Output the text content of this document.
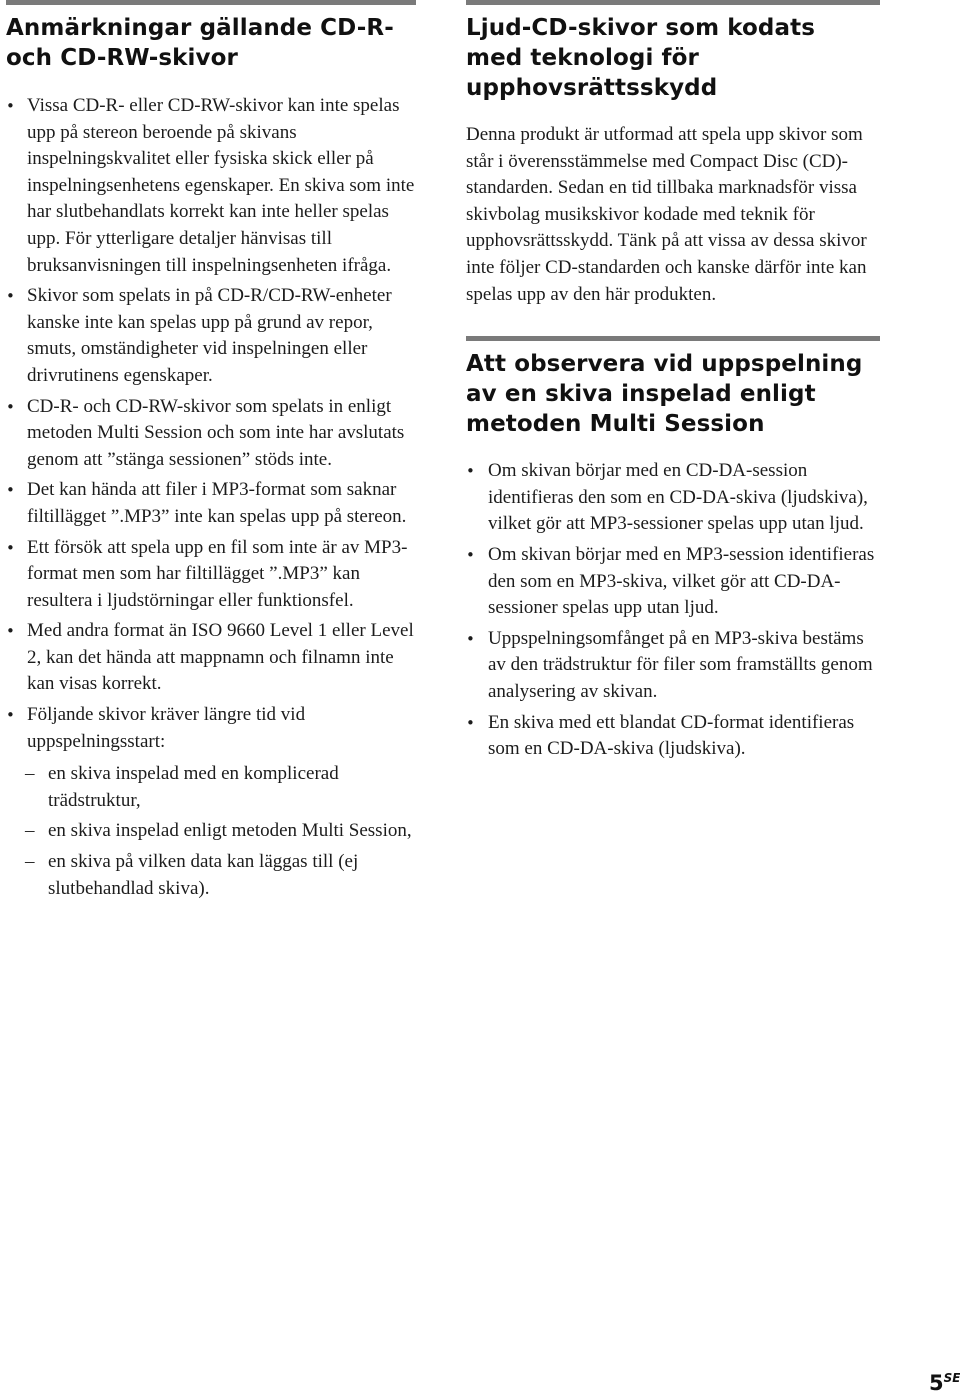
Anmärkningar gällande CD-R-
och CD-RW-skivor
• Vissa CD-R- eller CD-RW-skivor kan inte spelas upp på stereon beroende på skivans inspelningskvalitet eller fysiska skick eller på inspelningsenhetens egenskaper. En skiva som inte har slutbehandlats korrekt kan inte heller spelas upp. För ytterligare detaljer hänvisas till bruksanvisningen till inspelningsenheten ifråga.
• Skivor som spelats in på CD-R/CD-RW-enheter kanske inte kan spelas upp på grund av repor, smuts, omständigheter vid inspelningen eller drivrutinens egenskaper.
• CD-R- och CD-RW-skivor som spelats in enligt metoden Multi Session och som inte har avslutats genom att ”stänga sessionen” stöds inte.
• Det kan hända att filer i MP3-format som saknar filtillägget ”.MP3” inte kan spelas upp på stereon.
• Ett försök att spela upp en fil som inte är av MP3-format men som har filtillägget ”.MP3” kan resultera i ljudstörningar eller funktionsfel.
• Med andra format än ISO 9660 Level 1 eller Level 2, kan det hända att mappnamn och filnamn inte kan visas korrekt.
• Följande skivor kräver längre tid vid uppspelningsstart:
– en skiva inspelad med en komplicerad trädstruktur,
– en skiva inspelad enligt metoden Multi Session,
– en skiva på vilken data kan läggas till (ej slutbehandlad skiva).
Ljud-CD-skivor som kodats
med teknologi för
upphovsrättsskydd

Denna produkt är utformad att spela upp skivor som står i överensstämmelse med Compact Disc (CD)-standarden. Sedan en tid tillbaka marknadsför vissa skivbolag musikskivor kodade med teknik för upphovsrättsskydd. Tänk på att vissa av dessa skivor inte följer CD-standarden och kanske därför inte kan spelas upp av den här produkten.

Att observera vid uppspelning
av en skiva inspelad enligt
metoden Multi Session
• Om skivan börjar med en CD-DA-session identifieras den som en CD-DA-skiva (ljudskiva), vilket gör att MP3-sessioner spelas upp utan ljud.
• Om skivan börjar med en MP3-session identifieras den som en MP3-skiva, vilket gör att CD-DA-sessioner spelas upp utan ljud.
• Uppspelningsomfånget på en MP3-skiva bestäms av den trädstruktur för filer som framställts genom analysering av skivan.
• En skiva med ett blandat CD-format identifieras som en CD-DA-skiva (ljudskiva).
$5^{SE}$
